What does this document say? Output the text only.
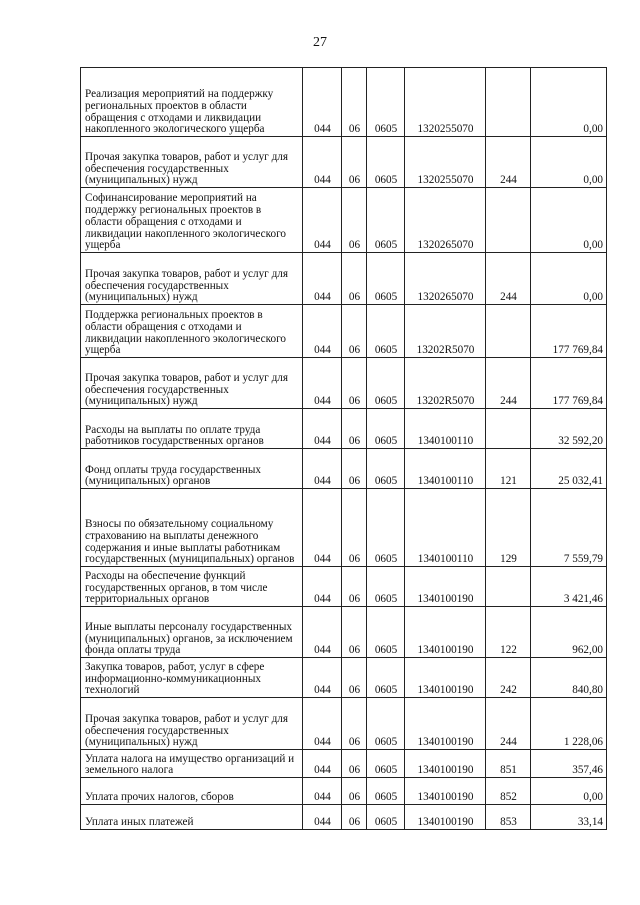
27
Реализация мероприятий на поддержку региональных проектов в области обращения с отходами и ликвидации накопленного экологического ущерба	044	06	0605	1320255070		0,00
Прочая закупка товаров, работ и услуг для обеспечения государственных (муниципальных) нужд	044	06	0605	1320255070	244	0,00
Софинансирование мероприятий на поддержку региональных проектов в области обращения с отходами и ликвидации накопленного экологического ущерба	044	06	0605	1320265070		0,00
Прочая закупка товаров, работ и услуг для обеспечения государственных (муниципальных) нужд	044	06	0605	1320265070	244	0,00
Поддержка региональных проектов в области обращения с отходами и ликвидации накопленного экологического ущерба	044	06	0605	13202R5070		177 769,84
Прочая закупка товаров, работ и услуг для обеспечения государственных (муниципальных) нужд	044	06	0605	13202R5070	244	177 769,84
Расходы на выплаты по оплате труда работников государственных органов	044	06	0605	1340100110		32 592,20
Фонд оплаты труда государственных (муниципальных) органов	044	06	0605	1340100110	121	25 032,41
Взносы по обязательному социальному страхованию на выплаты денежного содержания и иные выплаты работникам государственных (муниципальных) органов	044	06	0605	1340100110	129	7 559,79
Расходы на обеспечение функций государственных органов, в том числе территориальных органов	044	06	0605	1340100190		3 421,46
Иные выплаты персоналу государственных (муниципальных) органов, за исключением фонда оплаты труда	044	06	0605	1340100190	122	962,00
Закупка товаров, работ, услуг в сфере информационно-коммуникационных технологий	044	06	0605	1340100190	242	840,80
Прочая закупка товаров, работ и услуг для обеспечения государственных (муниципальных) нужд	044	06	0605	1340100190	244	1 228,06
Уплата налога на имущество организаций и земельного налога	044	06	0605	1340100190	851	357,46
Уплата прочих налогов, сборов	044	06	0605	1340100190	852	0,00
Уплата иных платежей	044	06	0605	1340100190	853	33,14
